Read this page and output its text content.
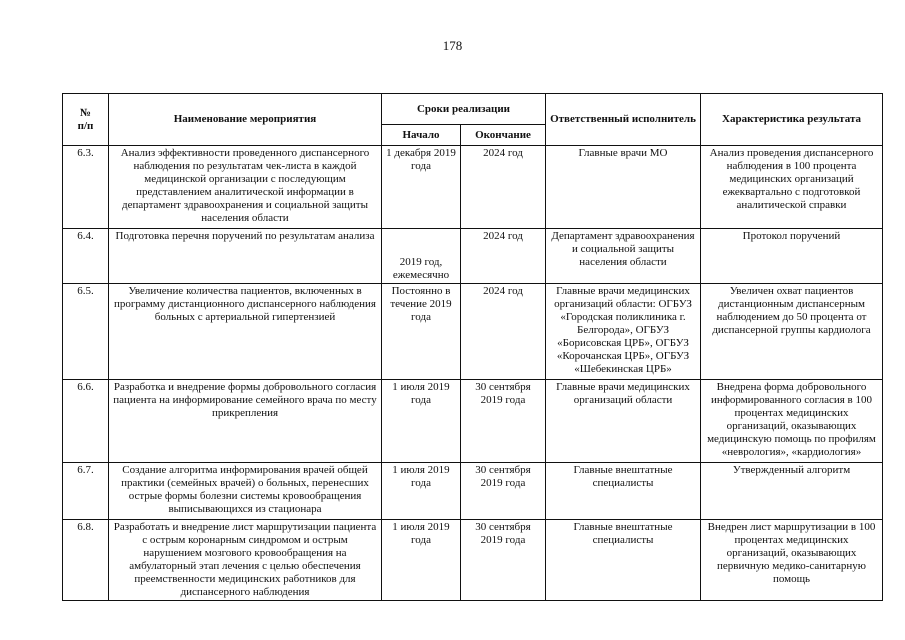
178
№
п/п	Наименование мероприятия	Сроки реализации		Ответственный исполнитель	Характеристика результата
		Начало	Окончание		
6.3.	Анализ эффективности проведенного диспансерного наблюдения по результатам чек-листа в каждой медицинской организации с последующим представлением аналитической информации в департамент здравоохранения и социальной защиты населения области	1 декабря 2019 года	2024 год	Главные врачи МО	Анализ проведения диспансерного наблюдения в 100 процента медицинских организаций ежеквартально с подготовкой аналитической справки
6.4.	Подготовка перечня поручений по результатам анализа	2019 год, ежемесячно	2024 год	Департамент здравоохранения и социальной защиты населения области	Протокол поручений
6.5.	Увеличение количества пациентов, включенных в программу дистанционного диспансерного наблюдения больных с артериальной гипертензией	Постоянно в течение 2019 года	2024 год	Главные врачи медицинских организаций области: ОГБУЗ «Городская поликлиника г. Белгорода», ОГБУЗ «Борисовская ЦРБ», ОГБУЗ «Корочанская ЦРБ», ОГБУЗ «Шебекинская ЦРБ»	Увеличен охват пациентов дистанционным диспансерным наблюдением до 50 процента от диспансерной группы кардиолога
6.6.	Разработка и внедрение формы добровольного согласия пациента на информирование семейного врача по месту прикрепления	1 июля 2019 года	30 сентября 2019 года	Главные врачи медицинских организаций области	Внедрена форма добровольного информированного согласия в 100 процентах медицинских организаций, оказывающих медицинскую помощь по профилям «неврология», «кардиология»
6.7.	Создание алгоритма информирования врачей общей практики (семейных врачей) о больных, перенесших острые формы болезни системы кровообращения выписывающихся из стационара	1 июля 2019 года	30 сентября 2019 года	Главные внештатные специалисты	Утвержденный алгоритм
6.8.	Разработать и внедрение лист маршрутизации пациента с острым коронарным синдромом и острым нарушением мозгового кровообращения на амбулаторный этап лечения с целью обеспечения преемственности медицинских работников для диспансерного наблюдения	1 июля 2019 года	30 сентября 2019 года	Главные внештатные специалисты	Внедрен лист маршрутизации в 100 процентах медицинских организаций, оказывающих первичную медико-санитарную помощь
